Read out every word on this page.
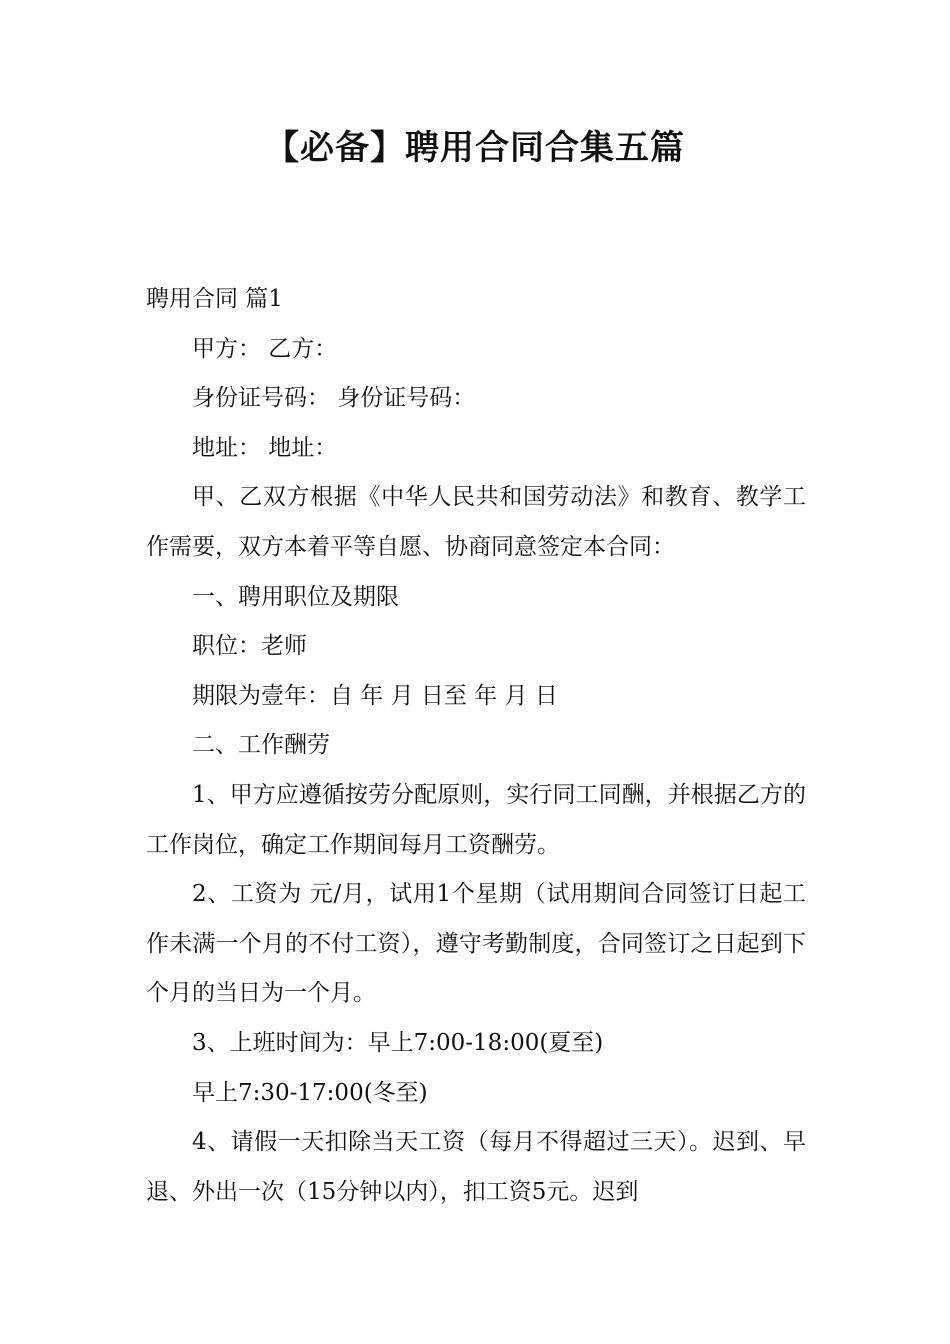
【必备】聘用合同合集五篇

聘用合同 篇1

甲方： 乙方：

身份证号码： 身份证号码：

地址： 地址：

甲、乙双方根据《中华人民共和国劳动法》和教育、教学工作需要，双方本着平等自愿、协商同意签定本合同：

一、聘用职位及期限

职位：老师

期限为壹年：自 年 月 日至 年 月 日

二、工作酬劳

1、甲方应遵循按劳分配原则，实行同工同酬，并根据乙方的工作岗位，确定工作期间每月工资酬劳。

2、工资为 元/月，试用1个星期（试用期间合同签订日起工作未满一个月的不付工资），遵守考勤制度，合同签订之日起到下个月的当日为一个月。

3、上班时间为：早上7:00-18:00(夏至)

早上7:30-17:00(冬至)

4、请假一天扣除当天工资（每月不得超过三天）。迟到、早退、外出一次（15分钟以内），扣工资5元。迟到
